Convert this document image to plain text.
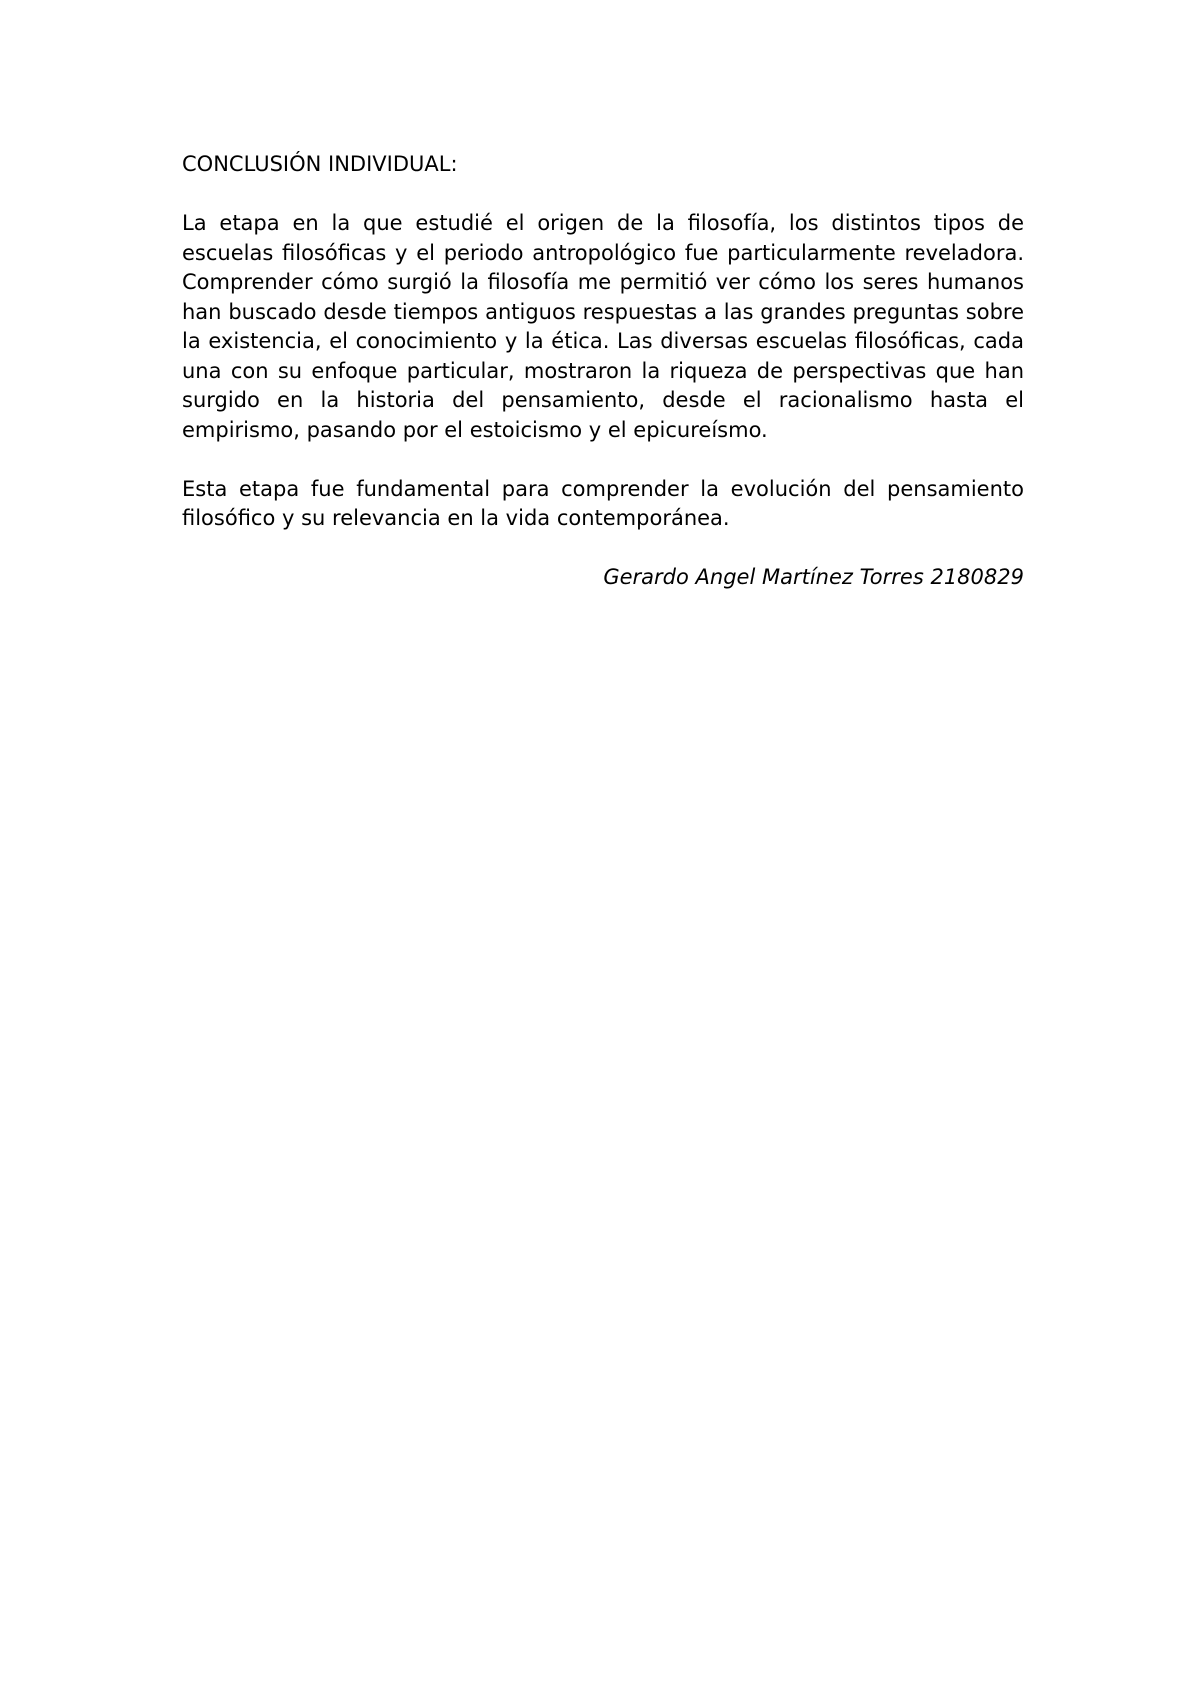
CONCLUSIÓN INDIVIDUAL:

La etapa en la que estudié el origen de la filosofía, los distintos tipos de escuelas filosóficas y el periodo antropológico fue particularmente reveladora. Comprender cómo surgió la filosofía me permitió ver cómo los seres humanos han buscado desde tiempos antiguos respuestas a las grandes preguntas sobre la existencia, el conocimiento y la ética. Las diversas escuelas filosóficas, cada una con su enfoque particular, mostraron la riqueza de perspectivas que han surgido en la historia del pensamiento, desde el racionalismo hasta el empirismo, pasando por el estoicismo y el epicureísmo.

Esta etapa fue fundamental para comprender la evolución del pensamiento filosófico y su relevancia en la vida contemporánea.

Gerardo Angel Martínez Torres 2180829
